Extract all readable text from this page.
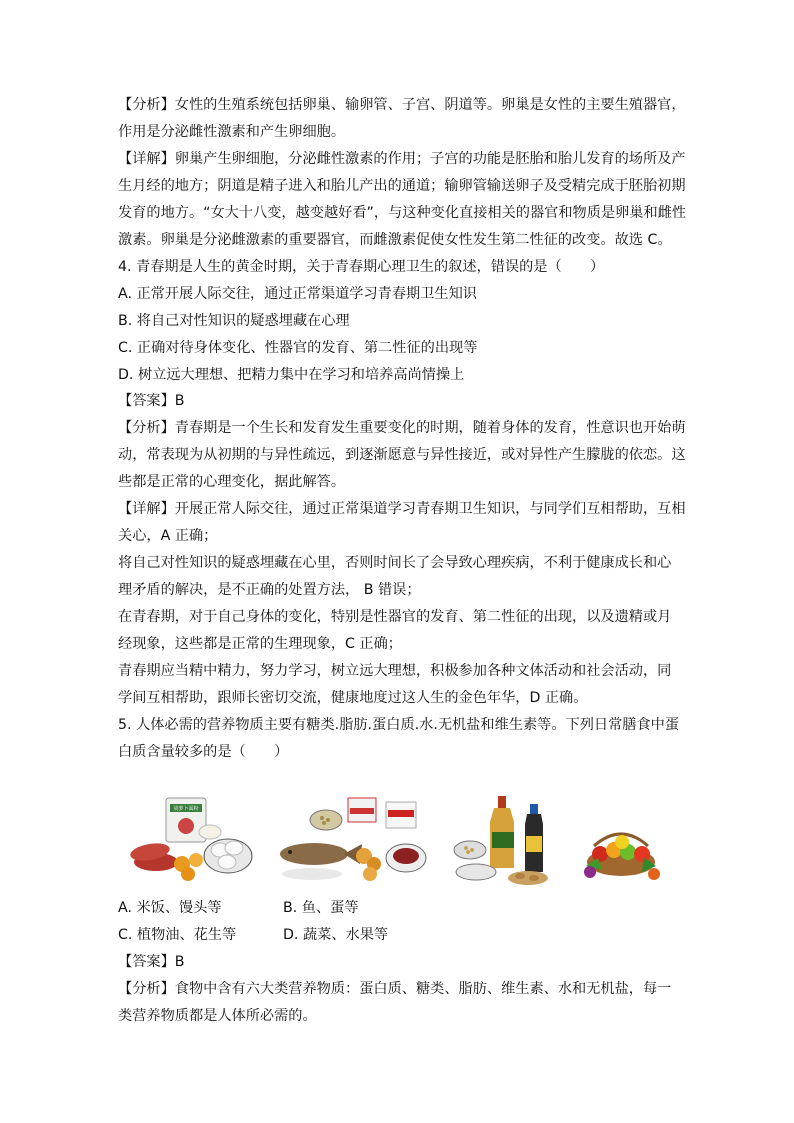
【分析】女性的生殖系统包括卵巢、输卵管、子宫、阴道等。卵巢是女性的主要生殖器官，
作用是分泌雌性激素和产生卵细胞。
【详解】卵巢产生卵细胞，分泌雌性激素的作用；子宫的功能是胚胎和胎儿发育的场所及产
生月经的地方；阴道是精子进入和胎儿产出的通道；输卵管输送卵子及受精完成于胚胎初期
发育的地方。“女大十八变，越变越好看”，与这种变化直接相关的器官和物质是卵巢和雌性
激素。卵巢是分泌雌激素的重要器官，而雌激素促使女性发生第二性征的改变。故选 C。
4. 青春期是人生的黄金时期，关于青春期心理卫生的叙述，错误的是（　　）
A. 正常开展人际交往，通过正常渠道学习青春期卫生知识
B. 将自己对性知识的疑惑埋藏在心理
C. 正确对待身体变化、性器官的发育、第二性征的出现等
D. 树立远大理想、把精力集中在学习和培养高尚情操上
【答案】B
【分析】青春期是一个生长和发育发生重要变化的时期，随着身体的发育，性意识也开始萌
动，常表现为从初期的与异性疏远，到逐渐愿意与异性接近，或对异性产生朦胧的依恋。这
些都是正常的心理变化，据此解答。
【详解】开展正常人际交往，通过正常渠道学习青春期卫生知识，与同学们互相帮助，互相
关心，A 正确；
将自己对性知识的疑惑埋藏在心里，否则时间长了会导致心理疾病，不利于健康成长和心
理矛盾的解决，是不正确的处置方法， B 错误；
在青春期，对于自己身体的变化，特别是性器官的发育、第二性征的出现，以及遗精或月
经现象，这些都是正常的生理现象，C 正确；
青春期应当精中精力，努力学习，树立远大理想，积极参加各种文体活动和社会活动，同
学间互相帮助，跟师长密切交流，健康地度过这人生的金色年华，D 正确。
5. 人体必需的营养物质主要有糖类.脂肪.蛋白质.水.无机盐和维生素等。下列日常膳食中蛋
白质含量较多的是（　　）
胡萝卜面粉
A. 米饭、馒头等	B. 鱼、蛋等
C. 植物油、花生等	D. 蔬菜、水果等
【答案】B
【分析】食物中含有六大类营养物质：蛋白质、糖类、脂肪、维生素、水和无机盐，每一
类营养物质都是人体所必需的。
